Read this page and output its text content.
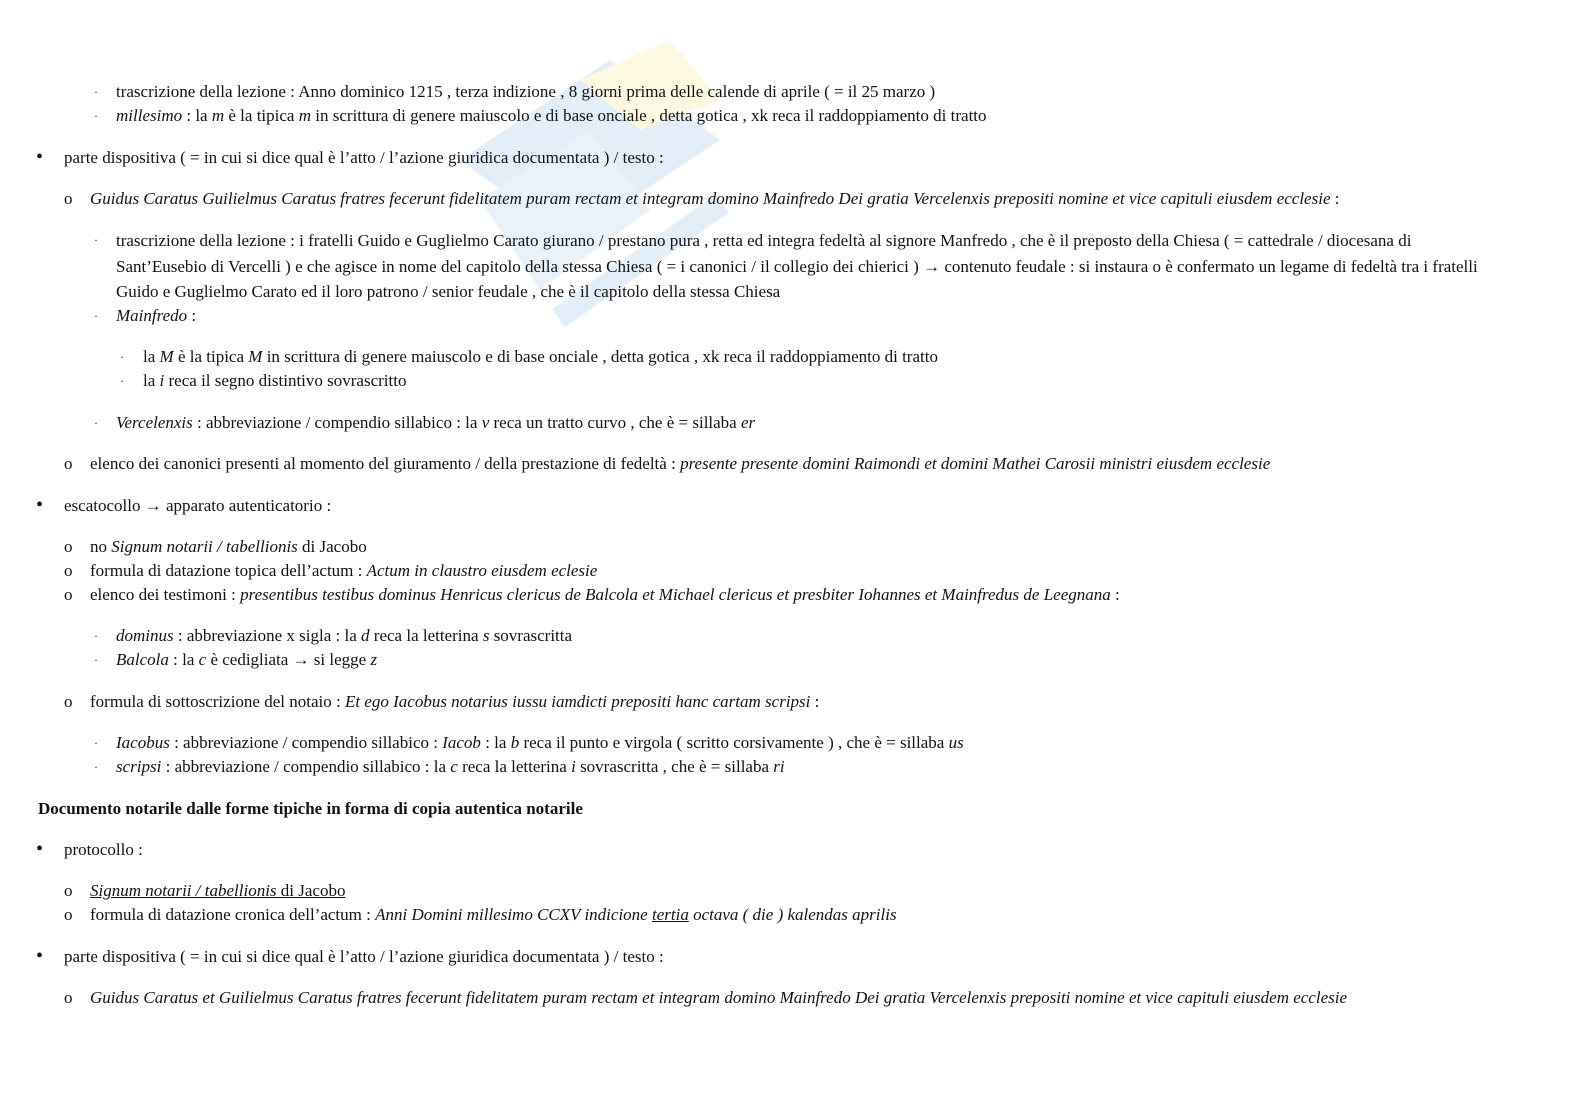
· trascrizione della lezione : Anno dominico 1215 , terza indizione , 8 giorni prima delle calende di aprile ( = il 25 marzo )
· millesimo : la m è la tipica m in scrittura di genere maiuscolo e di base onciale , detta gotica , xk reca il raddoppiamento di tratto
• parte dispositiva ( = in cui si dice qual è l’atto / l’azione giuridica documentata ) / testo :
o Guidus Caratus Guilielmus Caratus fratres fecerunt fidelitatem puram rectam et integram domino Mainfredo Dei gratia Vercelenxis prepositi nomine et vice capituli eiusdem ecclesie :
· trascrizione della lezione : i fratelli Guido e Guglielmo Carato giurano / prestano pura , retta ed integra fedeltà al signore Manfredo , che è il preposto della Chiesa ( = cattedrale / diocesana di Sant’Eusebio di Vercelli ) e che agisce in nome del capitolo della stessa Chiesa ( = i canonici / il collegio dei chierici ) → contenuto feudale : si instaura o è confermato un legame di fedeltà tra i fratelli Guido e Guglielmo Carato ed il loro patrono / senior feudale , che è il capitolo della stessa Chiesa
· Mainfredo :
· la M è la tipica M in scrittura di genere maiuscolo e di base onciale , detta gotica , xk reca il raddoppiamento di tratto
· la i reca il segno distintivo sovrascritto
· Vercelenxis : abbreviazione / compendio sillabico : la v reca un tratto curvo , che è = sillaba er
o elenco dei canonici presenti al momento del giuramento / della prestazione di fedeltà : presente presente domini Raimondi et domini Mathei Carosii ministri eiusdem ecclesie
• escatocollo → apparato autenticatorio :
o no Signum notarii / tabellionis di Jacobo
o formula di datazione topica dell’actum : Actum in claustro eiusdem eclesie
o elenco dei testimoni : presentibus testibus dominus Henricus clericus de Balcola et Michael clericus et presbiter Iohannes et Mainfredus de Leegnana :
· dominus : abbreviazione x sigla : la d reca la letterina s sovrascritta
· Balcola : la c è cedigliata → si legge z
o formula di sottoscrizione del notaio : Et ego Iacobus notarius iussu iamdicti prepositi hanc cartam scripsi :
· Iacobus : abbreviazione / compendio sillabico : Iacob : la b reca il punto e virgola ( scritto corsivamente ) , che è = sillaba us
· scripsi : abbreviazione / compendio sillabico : la c reca la letterina i sovrascritta , che è = sillaba ri
Documento notarile dalle forme tipiche in forma di copia autentica notarile
• protocollo :
o Signum notarii / tabellionis di Jacobo
o formula di datazione cronica dell’actum : Anni Domini millesimo CCXV indicione tertia octava ( die ) kalendas aprilis
• parte dispositiva ( = in cui si dice qual è l’atto / l’azione giuridica documentata ) / testo :
o Guidus Caratus et Guilielmus Caratus fratres fecerunt fidelitatem puram rectam et integram domino Mainfredo Dei gratia Vercelenxis prepositi nomine et vice capituli eiusdem ecclesie
